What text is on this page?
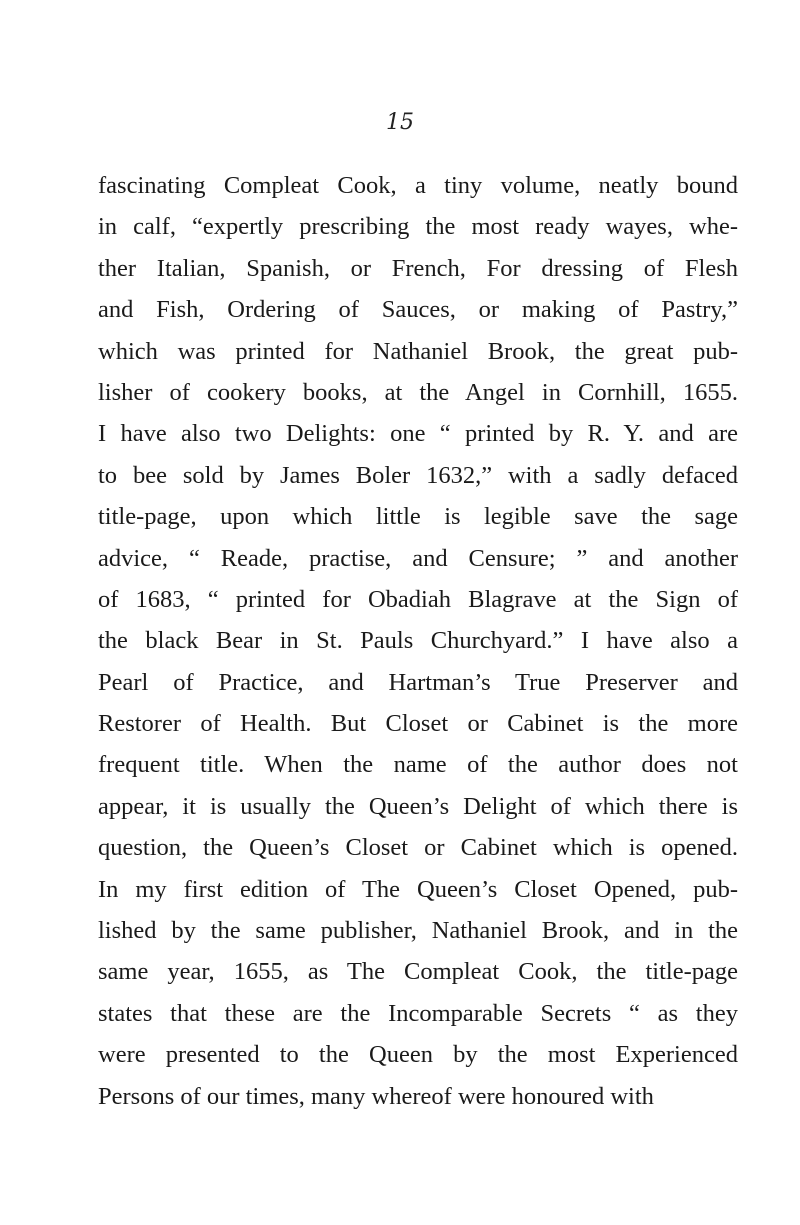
15
fascinating Compleat Cook, a tiny volume, neatly bound
in calf, “expertly prescribing the most ready wayes, whe-
ther Italian, Spanish, or French, For dressing of Flesh
and Fish, Ordering of Sauces, or making of Pastry,”
which was printed for Nathaniel Brook, the great pub-
lisher of cookery books, at the Angel in Cornhill, 1655.
I have also two Delights: one “ printed by R. Y. and are
to bee sold by James Boler 1632,” with a sadly defaced
title-page, upon which little is legible save the sage
advice, “ Reade, practise, and Censure; ” and another
of 1683, “ printed for Obadiah Blagrave at the Sign of
the black Bear in St. Pauls Churchyard.” I have also a
Pearl of Practice, and Hartman’s True Preserver and
Restorer of Health. But Closet or Cabinet is the more
frequent title. When the name of the author does not
appear, it is usually the Queen’s Delight of which there is
question, the Queen’s Closet or Cabinet which is opened.
In my first edition of The Queen’s Closet Opened, pub-
lished by the same publisher, Nathaniel Brook, and in the
same year, 1655, as The Compleat Cook, the title-page
states that these are the Incomparable Secrets “ as they
were presented to the Queen by the most Experienced
Persons of our times, many whereof were honoured with
